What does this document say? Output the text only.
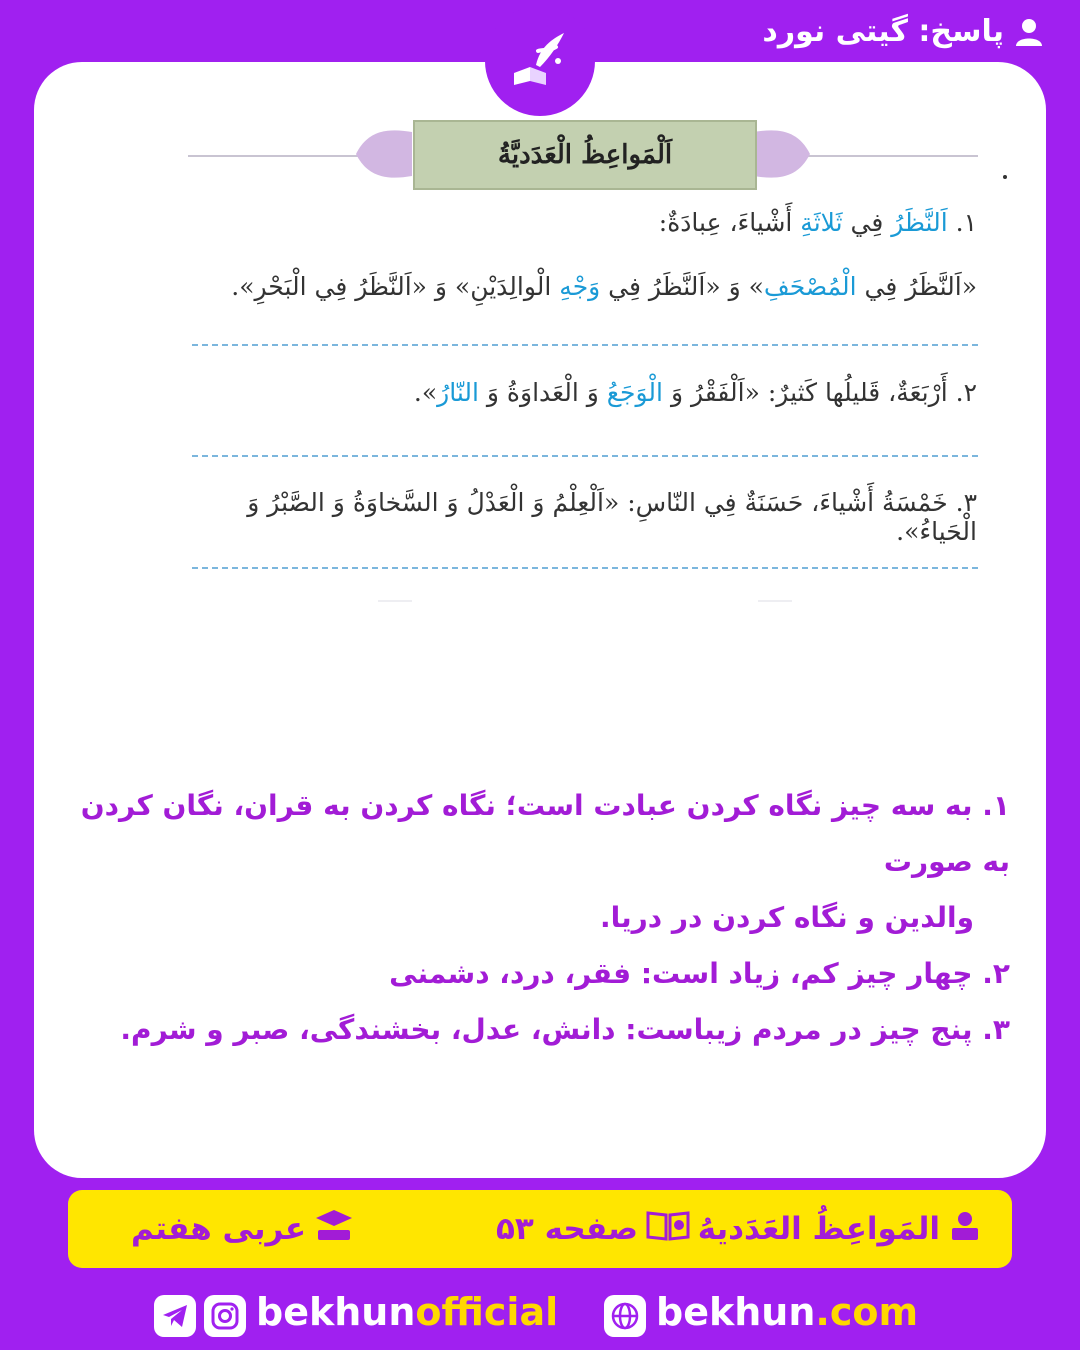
پاسخ: گیتی نورد
اَلْمَواعِظُ الْعَدَدیَّةُ
۱. اَلنَّظَرُ فِي ثَلاثَةِ أَشْياءَ، عِبادَةٌ:
«اَلنَّظَرُ فِي الْمُصْحَفِ» وَ «اَلنَّظَرُ فِي وَجْهِ الْوالِدَيْنِ» وَ «اَلنَّظَرُ فِي الْبَحْرِ».
۲. أَرْبَعَةٌ، قَليلُها كَثيرٌ: «اَلْفَقْرُ وَ الْوَجَعُ وَ الْعَداوَةُ وَ النّارُ».
۳. خَمْسَةُ أَشْياءَ، حَسَنَةٌ فِي النّاسِ: «اَلْعِلْمُ وَ الْعَدْلُ وَ السَّخاوَةُ وَ الصَّبْرُ وَ الْحَياءُ».
۱. به سه چیز نگاه کردن عبادت است؛ نگاه کردن به قران، نگان کردن به صورت
والدین و نگاه کردن در دریا.
۲. چهار چیز کم، زیاد است: فقر، درد، دشمنی
۳. پنج چیز در مردم زیباست: دانش، عدل، بخشندگی، صبر و شرم.
المَواعِظُ العَدَدیهُ
صفحه ۵۳
عربی هفتم
bekhunofficial	bekhun.com
